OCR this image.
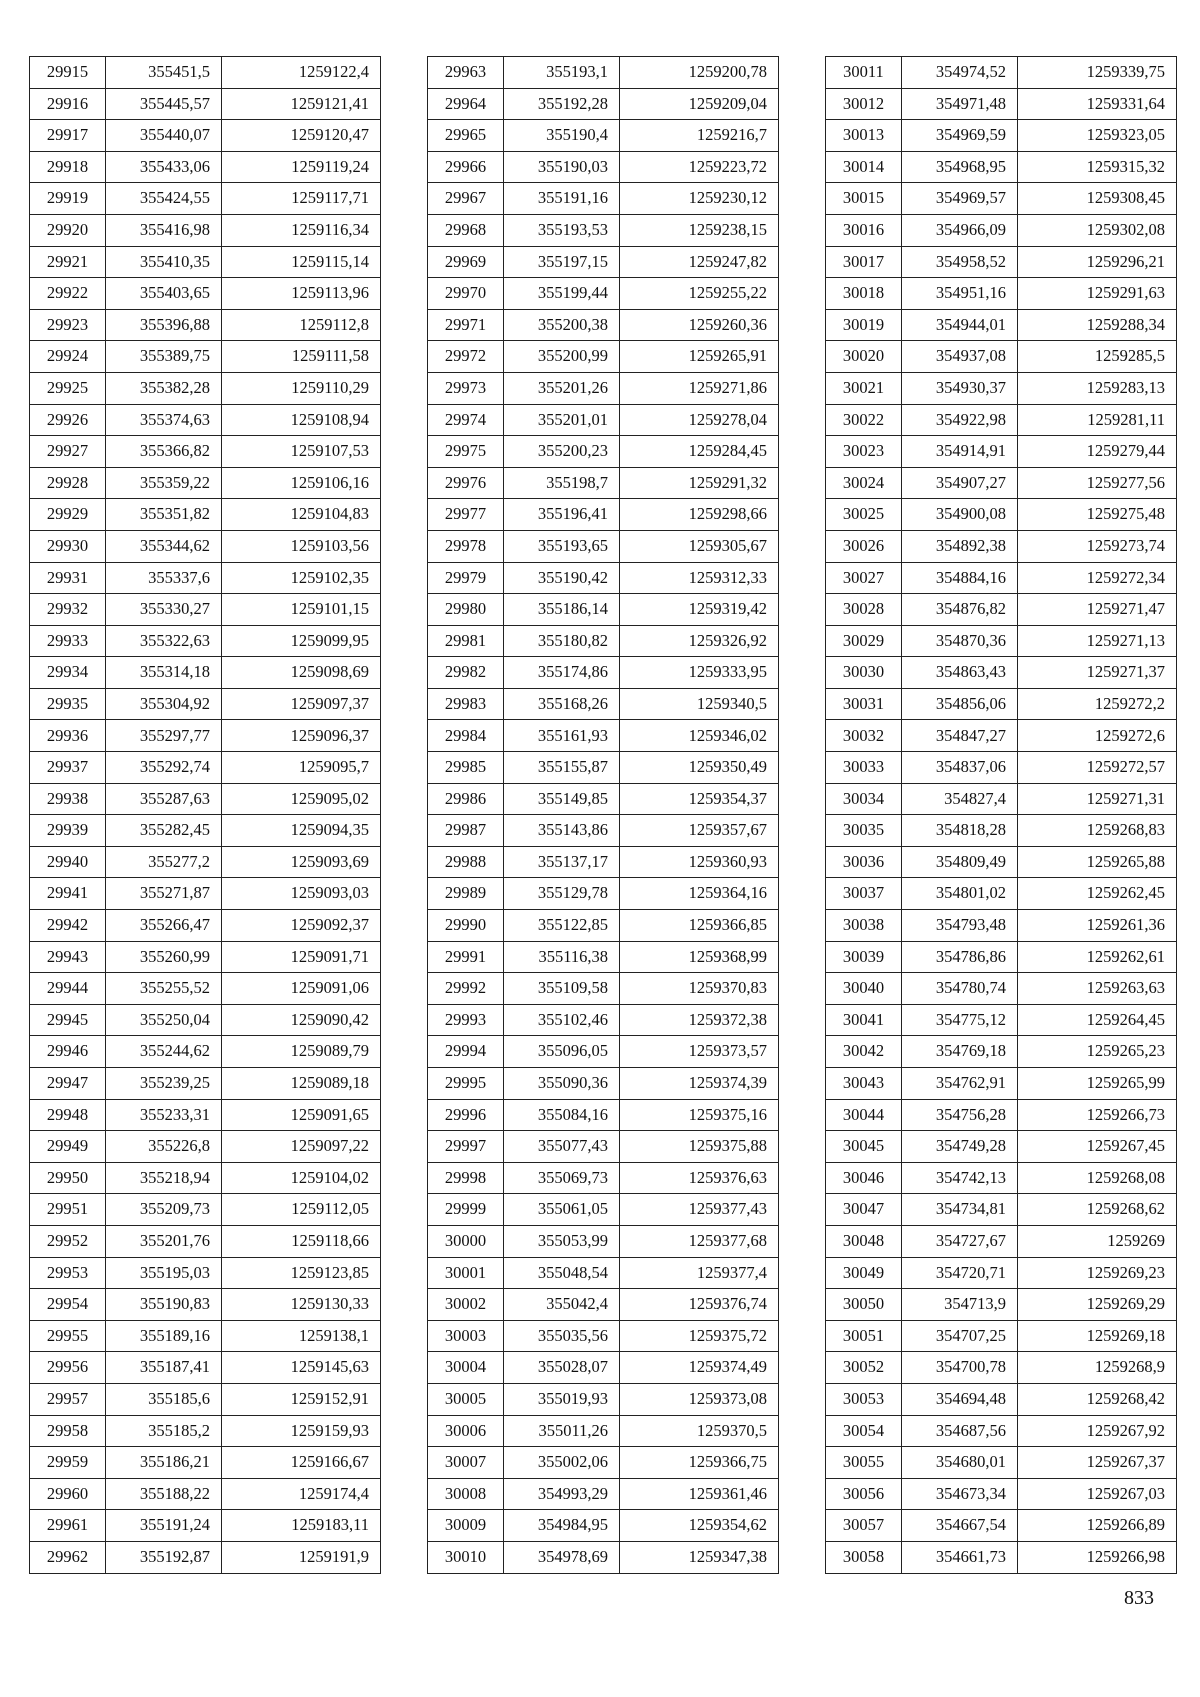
29915	355451,5	1259122,4
29916	355445,57	1259121,41
29917	355440,07	1259120,47
29918	355433,06	1259119,24
29919	355424,55	1259117,71
29920	355416,98	1259116,34
29921	355410,35	1259115,14
29922	355403,65	1259113,96
29923	355396,88	1259112,8
29924	355389,75	1259111,58
29925	355382,28	1259110,29
29926	355374,63	1259108,94
29927	355366,82	1259107,53
29928	355359,22	1259106,16
29929	355351,82	1259104,83
29930	355344,62	1259103,56
29931	355337,6	1259102,35
29932	355330,27	1259101,15
29933	355322,63	1259099,95
29934	355314,18	1259098,69
29935	355304,92	1259097,37
29936	355297,77	1259096,37
29937	355292,74	1259095,7
29938	355287,63	1259095,02
29939	355282,45	1259094,35
29940	355277,2	1259093,69
29941	355271,87	1259093,03
29942	355266,47	1259092,37
29943	355260,99	1259091,71
29944	355255,52	1259091,06
29945	355250,04	1259090,42
29946	355244,62	1259089,79
29947	355239,25	1259089,18
29948	355233,31	1259091,65
29949	355226,8	1259097,22
29950	355218,94	1259104,02
29951	355209,73	1259112,05
29952	355201,76	1259118,66
29953	355195,03	1259123,85
29954	355190,83	1259130,33
29955	355189,16	1259138,1
29956	355187,41	1259145,63
29957	355185,6	1259152,91
29958	355185,2	1259159,93
29959	355186,21	1259166,67
29960	355188,22	1259174,4
29961	355191,24	1259183,11
29962	355192,87	1259191,9
29963	355193,1	1259200,78
29964	355192,28	1259209,04
29965	355190,4	1259216,7
29966	355190,03	1259223,72
29967	355191,16	1259230,12
29968	355193,53	1259238,15
29969	355197,15	1259247,82
29970	355199,44	1259255,22
29971	355200,38	1259260,36
29972	355200,99	1259265,91
29973	355201,26	1259271,86
29974	355201,01	1259278,04
29975	355200,23	1259284,45
29976	355198,7	1259291,32
29977	355196,41	1259298,66
29978	355193,65	1259305,67
29979	355190,42	1259312,33
29980	355186,14	1259319,42
29981	355180,82	1259326,92
29982	355174,86	1259333,95
29983	355168,26	1259340,5
29984	355161,93	1259346,02
29985	355155,87	1259350,49
29986	355149,85	1259354,37
29987	355143,86	1259357,67
29988	355137,17	1259360,93
29989	355129,78	1259364,16
29990	355122,85	1259366,85
29991	355116,38	1259368,99
29992	355109,58	1259370,83
29993	355102,46	1259372,38
29994	355096,05	1259373,57
29995	355090,36	1259374,39
29996	355084,16	1259375,16
29997	355077,43	1259375,88
29998	355069,73	1259376,63
29999	355061,05	1259377,43
30000	355053,99	1259377,68
30001	355048,54	1259377,4
30002	355042,4	1259376,74
30003	355035,56	1259375,72
30004	355028,07	1259374,49
30005	355019,93	1259373,08
30006	355011,26	1259370,5
30007	355002,06	1259366,75
30008	354993,29	1259361,46
30009	354984,95	1259354,62
30010	354978,69	1259347,38
30011	354974,52	1259339,75
30012	354971,48	1259331,64
30013	354969,59	1259323,05
30014	354968,95	1259315,32
30015	354969,57	1259308,45
30016	354966,09	1259302,08
30017	354958,52	1259296,21
30018	354951,16	1259291,63
30019	354944,01	1259288,34
30020	354937,08	1259285,5
30021	354930,37	1259283,13
30022	354922,98	1259281,11
30023	354914,91	1259279,44
30024	354907,27	1259277,56
30025	354900,08	1259275,48
30026	354892,38	1259273,74
30027	354884,16	1259272,34
30028	354876,82	1259271,47
30029	354870,36	1259271,13
30030	354863,43	1259271,37
30031	354856,06	1259272,2
30032	354847,27	1259272,6
30033	354837,06	1259272,57
30034	354827,4	1259271,31
30035	354818,28	1259268,83
30036	354809,49	1259265,88
30037	354801,02	1259262,45
30038	354793,48	1259261,36
30039	354786,86	1259262,61
30040	354780,74	1259263,63
30041	354775,12	1259264,45
30042	354769,18	1259265,23
30043	354762,91	1259265,99
30044	354756,28	1259266,73
30045	354749,28	1259267,45
30046	354742,13	1259268,08
30047	354734,81	1259268,62
30048	354727,67	1259269
30049	354720,71	1259269,23
30050	354713,9	1259269,29
30051	354707,25	1259269,18
30052	354700,78	1259268,9
30053	354694,48	1259268,42
30054	354687,56	1259267,92
30055	354680,01	1259267,37
30056	354673,34	1259267,03
30057	354667,54	1259266,89
30058	354661,73	1259266,98
833
